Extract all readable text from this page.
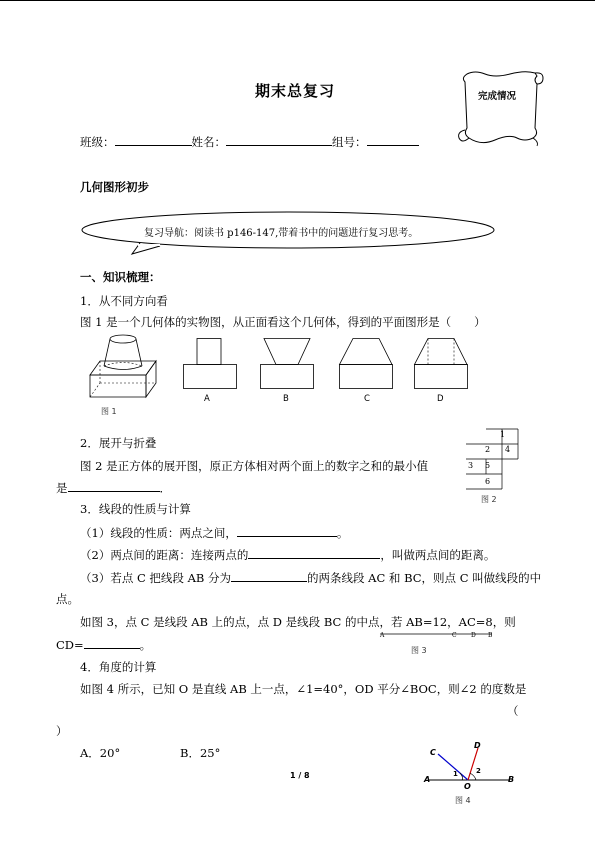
期末总复习	完成情况
班级：	姓名：	组号：
几何图形初步
复习导航：阅读书 p146-147,带着书中的问题进行复习思考。
一、知识梳理：
1．从不同方向看
图 1 是一个几何体的实物图，从正面看这个几何体，得到的平面图形是（　　）
图 1
A	B	C	D
2．展开与折叠
图 2 是正方体的展开图，原正方体相对两个面上的数字之和的最小值
是	．
1
2 4
3 5
6
图 2
3．线段的性质与计算
（1）线段的性质：两点之间，	。
（2）两点间的距离：连接两点的	，叫做两点间的距离。
（3）若点 C 把线段 AB 分为	的两条线段 AC 和 BC，则点 C 叫做线段的中
点。
如图 3，点 C 是线段 AB 上的点，点 D 是线段 BC 的中点，若 AB=12，AC=8，则
CD=	。
A	C D B
图 3
4．角度的计算
如图 4 所示，已知 O 是直线 AB 上一点，∠1=40°，OD 平分∠BOC，则∠2 的度数是
（
）
A．20°	B．25°	C
D
A
O
B
1	2
图 4
1 / 8
